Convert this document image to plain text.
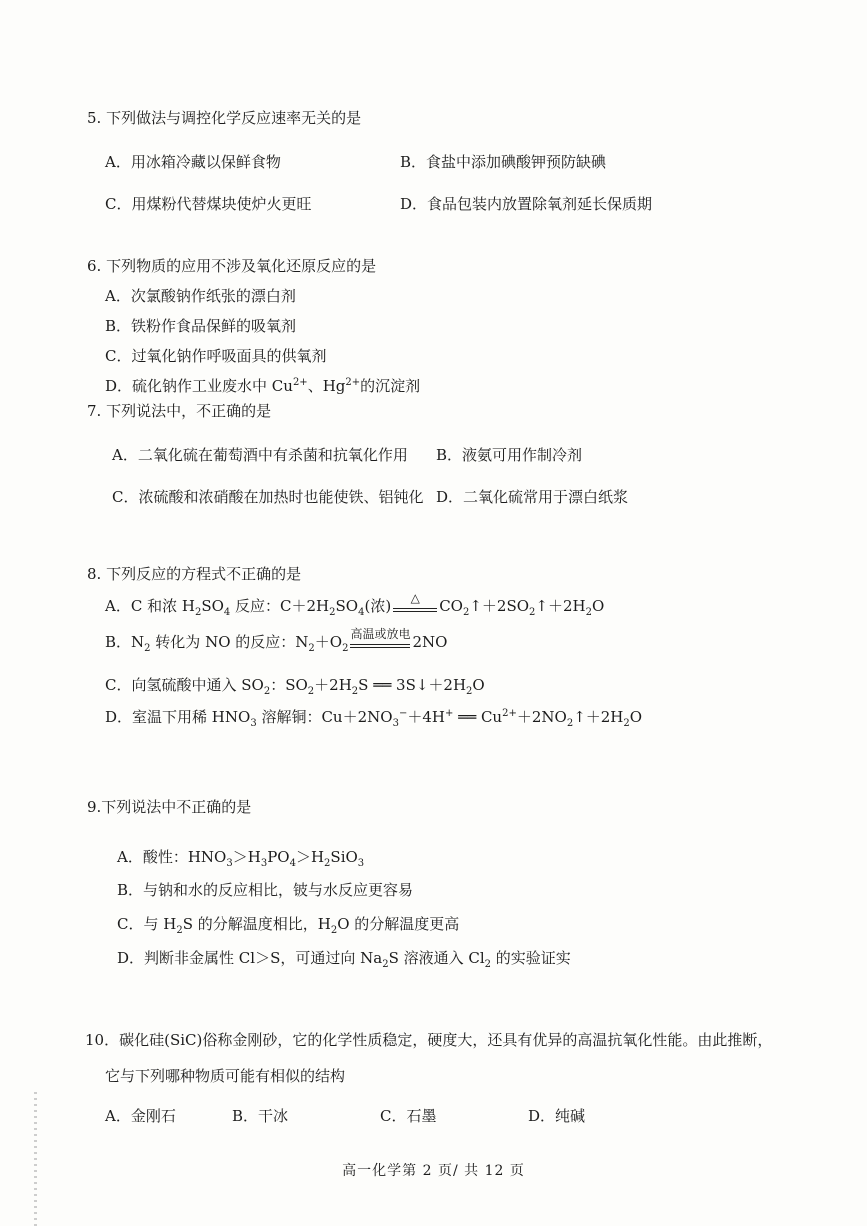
5. 下列做法与调控化学反应速率无关的是
A．用冰箱冷藏以保鲜食物	B．食盐中添加碘酸钾预防缺碘
C．用煤粉代替煤块使炉火更旺	D．食品包装内放置除氧剂延长保质期
6. 下列物质的应用不涉及氧化还原反应的是
A．次氯酸钠作纸张的漂白剂
B．铁粉作食品保鲜的吸氧剂
C．过氧化钠作呼吸面具的供氧剂
D．硫化钠作工业废水中 $Cu^{2+}$、$Hg^{2+}$的沉淀剂
7. 下列说法中，不正确的是
A．二氧化硫在葡萄酒中有杀菌和抗氧化作用 B．液氨可用作制冷剂
C．浓硫酸和浓硝酸在加热时也能使铁、铝钝化 D．二氧化硫常用于漂白纸浆
8. 下列反应的方程式不正确的是
A．C 和浓 $H_2SO_4$ 反应：$C+2H_2SO_4$(浓) △ $CO_2↑+2SO_2↑+2H_2O$
B．$N_2$ 转化为 NO 的反应：$N_2+O_2$
高温或放电 2NO
C．向氢硫酸中通入 $SO_2$：$SO_2+2H_2S$ ══ $3S↓+2H_2O$
D．室温下用稀 $HNO_3$ 溶解铜：$Cu+2NO_3^-+4H^+$ ══ $Cu^{2+}+2NO_2↑+2H_2O$
9.下列说法中不正确的是
A．酸性：$HNO_3>H_3PO_4>H_2SiO_3$
B．与钠和水的反应相比，铍与水反应更容易
C．与 $H_2S$ 的分解温度相比，$H_2O$ 的分解温度更高
D．判断非金属性 Cl＞S，可通过向 $Na_2S$ 溶液通入 $Cl_2$ 的实验证实
10．碳化硅(SiC)俗称金刚砂，它的化学性质稳定，硬度大，还具有优异的高温抗氧化性能。由此推断，
它与下列哪种物质可能有相似的结构
A．金刚石	B．干冰	C．石墨	D．纯碱
高一化学第 2 页/ 共 12 页
